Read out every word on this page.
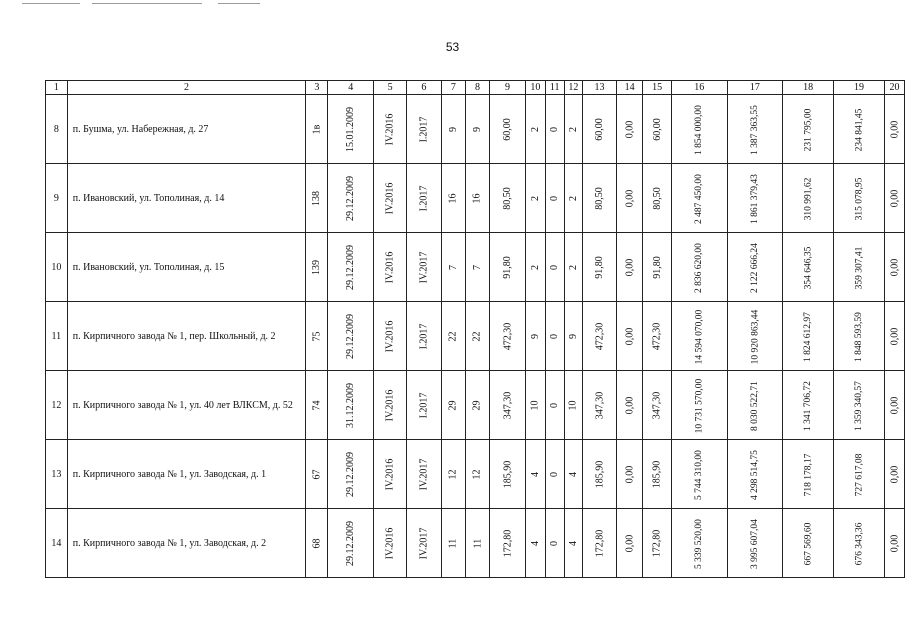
53
1	2	3	4	5	6	7	8	9	10	11	12	13	14	15	16	17	18	19	20
8	п. Бушма, ул. Набережная, д. 27	1в	15.01.2009	IV.2016	I.2017	9	9	60,00	2	0	2	60,00	0,00	60,00	1 854 000,00	1 387 363,55	231 795,00	234 841,45	0,00
9	п. Ивановский, ул. Тополиная, д. 14	138	29.12.2009	IV.2016	I.2017	16	16	80,50	2	0	2	80,50	0,00	80,50	2 487 450,00	1 861 379,43	310 991,62	315 078,95	0,00
10	п. Ивановский, ул. Тополиная, д. 15	139	29.12.2009	IV.2016	IV.2017	7	7	91,80	2	0	2	91,80	0,00	91,80	2 836 620,00	2 122 666,24	354 646,35	359 307,41	0,00
11	п. Кирпичного завода № 1, пер. Школьный, д. 2	75	29.12.2009	IV.2016	I.2017	22	22	472,30	9	0	9	472,30	0,00	472,30	14 594 070,00	10 920 863,44	1 824 612,97	1 848 593,59	0,00
12	п. Кирпичного завода № 1, ул. 40 лет ВЛКСМ, д. 52	74	31.12.2009	IV.2016	I.2017	29	29	347,30	10	0	10	347,30	0,00	347,30	10 731 570,00	8 030 522,71	1 341 706,72	1 359 340,57	0,00
13	п. Кирпичного завода № 1, ул. Заводская, д. 1	67	29.12.2009	IV.2016	IV.2017	12	12	185,90	4	0	4	185,90	0,00	185,90	5 744 310,00	4 298 514,75	718 178,17	727 617,08	0,00
14	п. Кирпичного завода № 1, ул. Заводская, д. 2	68	29.12.2009	IV.2016	IV.2017	11	11	172,80	4	0	4	172,80	0,00	172,80	5 339 520,00	3 995 607,04	667 569,60	676 343,36	0,00
